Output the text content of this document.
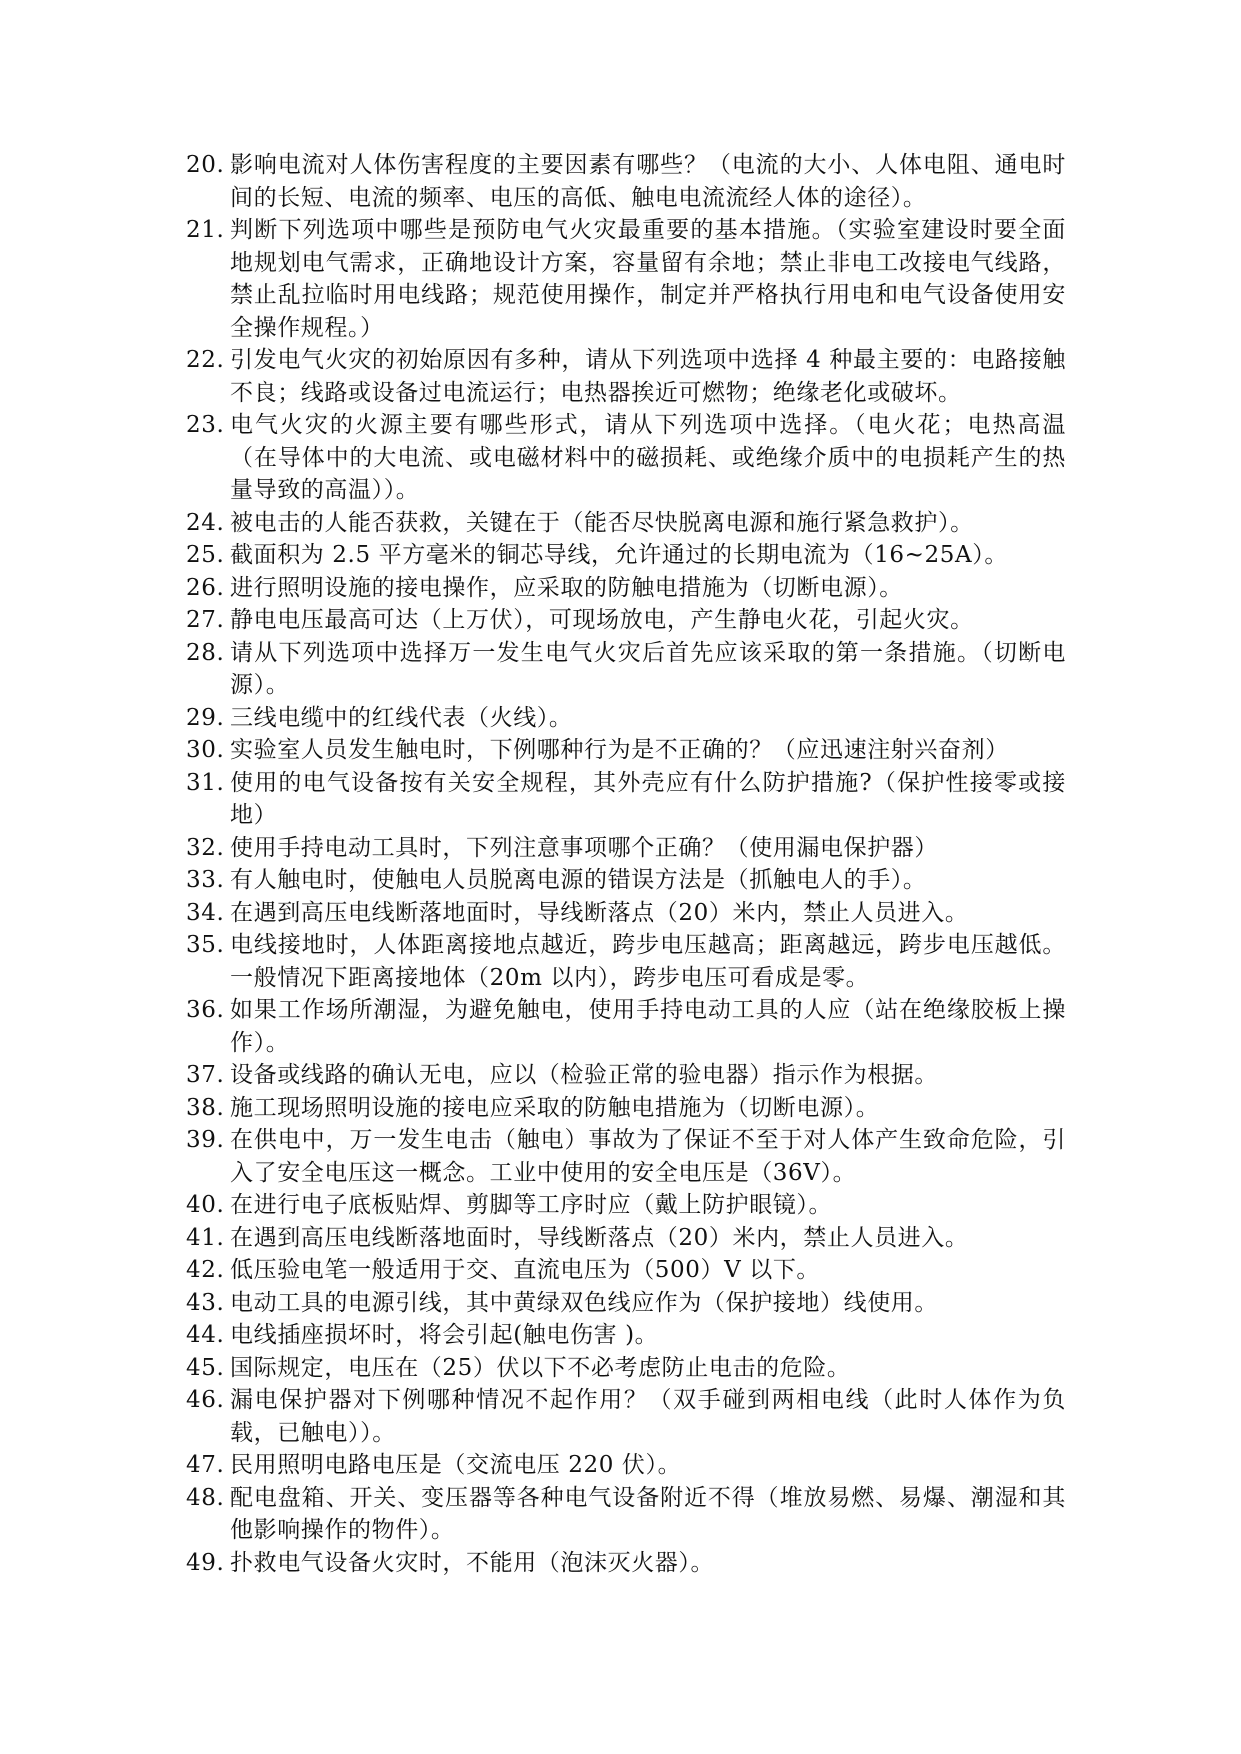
20. 影响电流对人体伤害程度的主要因素有哪些？（电流的大小、人体电阻、通电时间的长短、电流的频率、电压的高低、触电电流流经人体的途径）。
21. 判断下列选项中哪些是预防电气火灾最重要的基本措施。（实验室建设时要全面地规划电气需求，正确地设计方案，容量留有余地；禁止非电工改接电气线路，禁止乱拉临时用电线路；规范使用操作，制定并严格执行用电和电气设备使用安全操作规程。）
22. 引发电气火灾的初始原因有多种，请从下列选项中选择 4 种最主要的：电路接触不良；线路或设备过电流运行；电热器挨近可燃物；绝缘老化或破坏。
23. 电气火灾的火源主要有哪些形式，请从下列选项中选择。（电火花；电热高温（在导体中的大电流、或电磁材料中的磁损耗、或绝缘介质中的电损耗产生的热量导致的高温））。
24. 被电击的人能否获救，关键在于（能否尽快脱离电源和施行紧急救护）。
25. 截面积为 2.5 平方毫米的铜芯导线，允许通过的长期电流为（16~25A）。
26. 进行照明设施的接电操作，应采取的防触电措施为（切断电源）。
27. 静电电压最高可达（上万伏），可现场放电，产生静电火花，引起火灾。
28. 请从下列选项中选择万一发生电气火灾后首先应该采取的第一条措施。（切断电源）。
29. 三线电缆中的红线代表（火线）。
30. 实验室人员发生触电时，下例哪种行为是不正确的？（应迅速注射兴奋剂）
31. 使用的电气设备按有关安全规程，其外壳应有什么防护措施?（保护性接零或接地）
32. 使用手持电动工具时，下列注意事项哪个正确？（使用漏电保护器）
33. 有人触电时，使触电人员脱离电源的错误方法是（抓触电人的手）。
34. 在遇到高压电线断落地面时，导线断落点（20）米内，禁止人员进入。
35. 电线接地时，人体距离接地点越近，跨步电压越高；距离越远，跨步电压越低。一般情况下距离接地体（20m 以内），跨步电压可看成是零。
36. 如果工作场所潮湿，为避免触电，使用手持电动工具的人应（站在绝缘胶板上操作）。
37. 设备或线路的确认无电，应以（检验正常的验电器）指示作为根据。
38. 施工现场照明设施的接电应采取的防触电措施为（切断电源）。
39. 在供电中，万一发生电击（触电）事故为了保证不至于对人体产生致命危险，引入了安全电压这一概念。工业中使用的安全电压是（36V）。
40. 在进行电子底板贴焊、剪脚等工序时应（戴上防护眼镜）。
41. 在遇到高压电线断落地面时，导线断落点（20）米内，禁止人员进入。
42. 低压验电笔一般适用于交、直流电压为（500）V 以下。
43. 电动工具的电源引线，其中黄绿双色线应作为（保护接地）线使用。
44. 电线插座损坏时，将会引起(触电伤害 )。
45. 国际规定，电压在（25）伏以下不必考虑防止电击的危险。
46. 漏电保护器对下例哪种情况不起作用？（双手碰到两相电线（此时人体作为负载，已触电））。
47. 民用照明电路电压是（交流电压 220 伏）。
48. 配电盘箱、开关、变压器等各种电气设备附近不得（堆放易燃、易爆、潮湿和其他影响操作的物件）。
49. 扑救电气设备火灾时，不能用（泡沫灭火器）。
